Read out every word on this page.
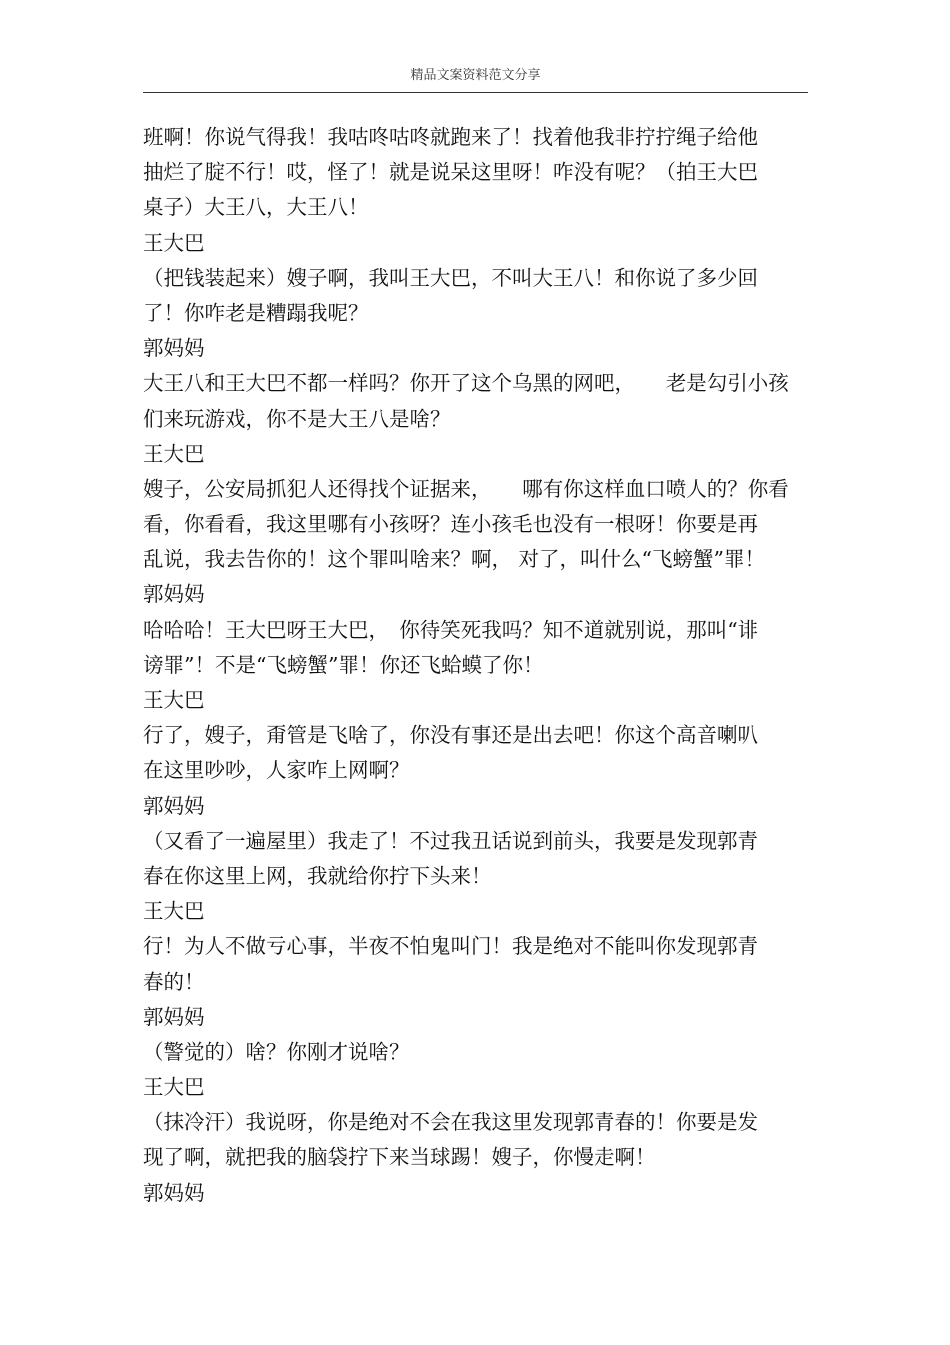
精品文案资料范文分享
班啊！你说气得我！我咕咚咕咚就跑来了！找着他我非拧拧绳子给他
抽烂了腚不行！哎，怪了！就是说呆这里呀！咋没有呢？（拍王大巴
桌子）大王八，大王八！
王大巴
（把钱装起来）嫂子啊，我叫王大巴，不叫大王八！和你说了多少回
了！你咋老是糟蹋我呢？
郭妈妈
大王八和王大巴不都一样吗？你开了这个乌黑的网吧，　　老是勾引小孩
们来玩游戏，你不是大王八是啥？
王大巴
嫂子，公安局抓犯人还得找个证据来，　　哪有你这样血口喷人的？你看
看，你看看，我这里哪有小孩呀？连小孩毛也没有一根呀！你要是再
乱说，我去告你的！这个罪叫啥来？啊， 对了，叫什么“飞螃蟹”罪！
郭妈妈
哈哈哈！王大巴呀王大巴，　你待笑死我吗？知不道就别说，那叫“诽
谤罪”！不是“飞螃蟹”罪！你还飞蛤蟆了你！
王大巴
行了，嫂子，甭管是飞啥了，你没有事还是出去吧！你这个高音喇叭
在这里吵吵，人家咋上网啊？
郭妈妈
（又看了一遍屋里）我走了！不过我丑话说到前头，我要是发现郭青
春在你这里上网，我就给你拧下头来！
王大巴
行！为人不做亏心事，半夜不怕鬼叫门！我是绝对不能叫你发现郭青
春的！
郭妈妈
（警觉的）啥？你刚才说啥？
王大巴
（抹冷汗）我说呀，你是绝对不会在我这里发现郭青春的！你要是发
现了啊，就把我的脑袋拧下来当球踢！嫂子，你慢走啊！
郭妈妈
